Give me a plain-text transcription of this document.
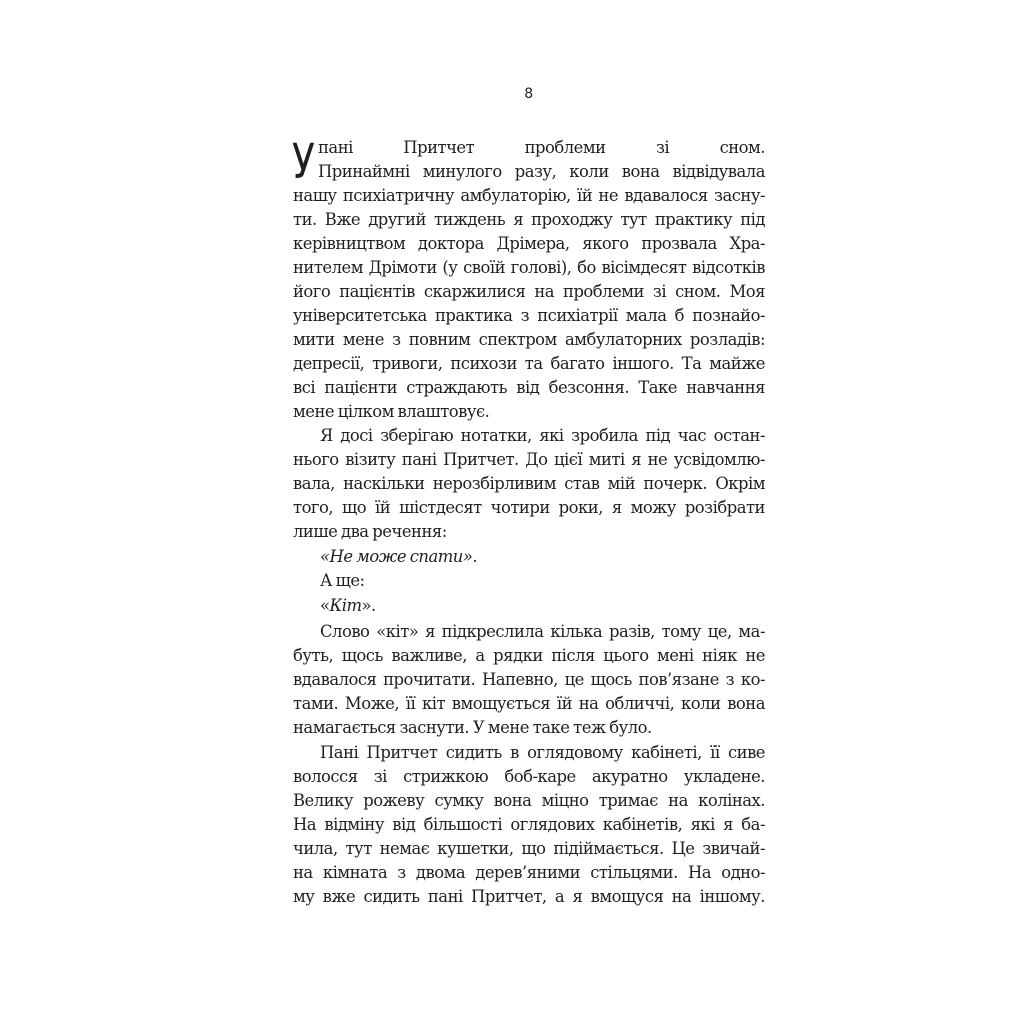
8
У пані Притчет проблеми зі сном.
Принаймні минулого разу, коли вона відвідувала
нашу психіатричну амбулаторію, їй не вдавалося засну-
ти. Вже другий тиждень я проходжу тут практику під
керівництвом доктора Дрімера, якого прозвала Хра-
нителем Дрімоти (у своїй голові), бо вісімдесят відсотків
його пацієнтів скаржилися на проблеми зі сном. Моя
університетська практика з психіатрії мала б познайо-
мити мене з повним спектром амбулаторних розладів:
депресії, тривоги, психози та багато іншого. Та майже
всі пацієнти страждають від безсоння. Таке навчання
мене цілком влаштовує.
Я досі зберігаю нотатки, які зробила під час остан-
нього візиту пані Притчет. До цієї миті я не усвідомлю-
вала, наскільки нерозбірливим став мій почерк. Окрім
того, що їй шістдесят чотири роки, я можу розібрати
лише два речення:
«Не може спати».
А ще:
«Кіт».
Слово «кіт» я підкреслила кілька разів, тому це, ма-
буть, щось важливе, а рядки після цього мені ніяк не
вдавалося прочитати. Напевно, це щось пов’язане з ко-
тами. Може, її кіт вмощується їй на обличчі, коли вона
намагається заснути. У мене таке теж було.
Пані Притчет сидить в оглядовому кабінеті, її сиве
волосся зі стрижкою боб-каре акуратно укладене.
Велику рожеву сумку вона міцно тримає на колінах.
На відміну від більшості оглядових кабінетів, які я ба-
чила, тут немає кушетки, що підіймається. Це звичай-
на кімната з двома дерев’яними стільцями. На одно-
му вже сидить пані Притчет, а я вмощуся на іншому.
